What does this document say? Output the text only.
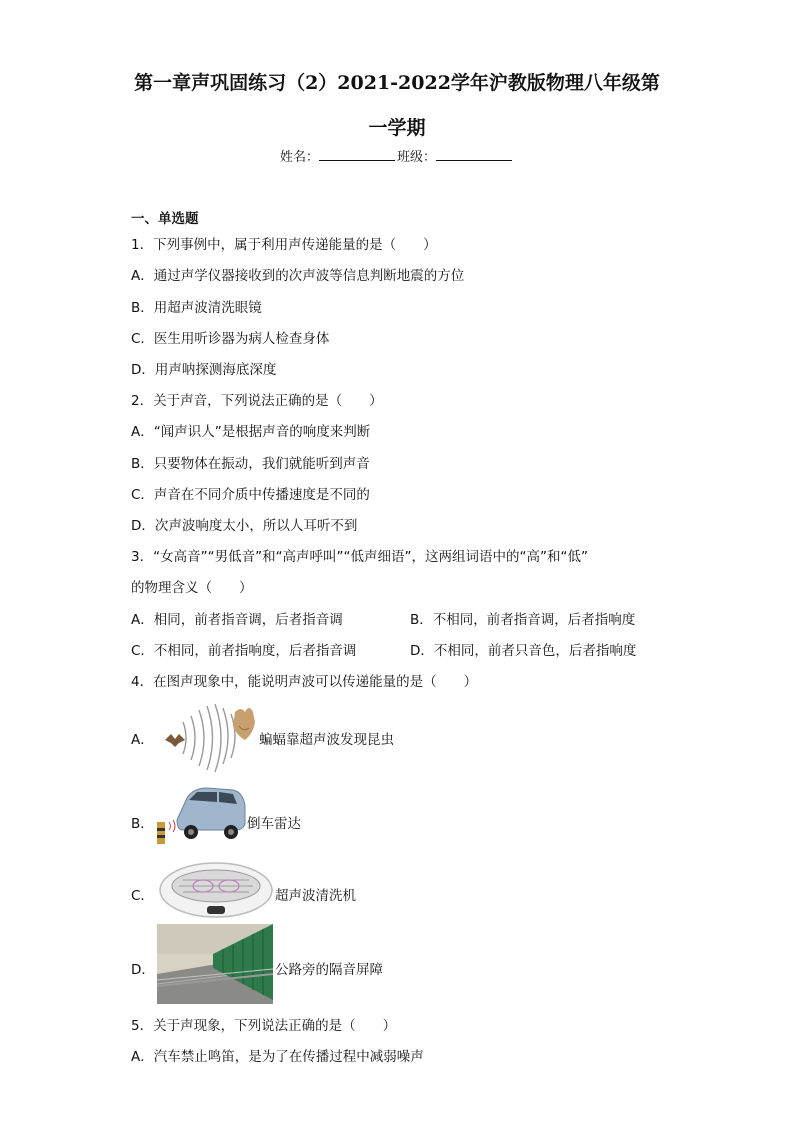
第一章声巩固练习（2）2021-2022学年沪教版物理八年级第
一学期
姓名：	班级：
一、单选题
1．下列事例中，属于利用声传递能量的是（　　）
A．通过声学仪器接收到的次声波等信息判断地震的方位
B．用超声波清洗眼镜
C．医生用听诊器为病人检查身体
D．用声呐探测海底深度
2．关于声音，下列说法正确的是（　　）
A．“闻声识人”是根据声音的响度来判断
B．只要物体在振动，我们就能听到声音
C．声音在不同介质中传播速度是不同的
D．次声波响度太小，所以人耳听不到
3．“女高音”“男低音”和“高声呼叫”“低声细语”，这两组词语中的“高”和“低”
的物理含义（　　）
A．相同，前者指音调，后者指音调	B．不相同，前者指音调，后者指响度
C．不相同，前者指响度，后者指音调	D．不相同，前者只音色，后者指响度
4．在图声现象中，能说明声波可以传递能量的是（　　）
A．	蝙蝠靠超声波发现昆虫
B．	倒车雷达
C．	超声波清洗机
D．	公路旁的隔音屏障
5．关于声现象，下列说法正确的是（　　）
A．汽车禁止鸣笛，是为了在传播过程中减弱噪声
